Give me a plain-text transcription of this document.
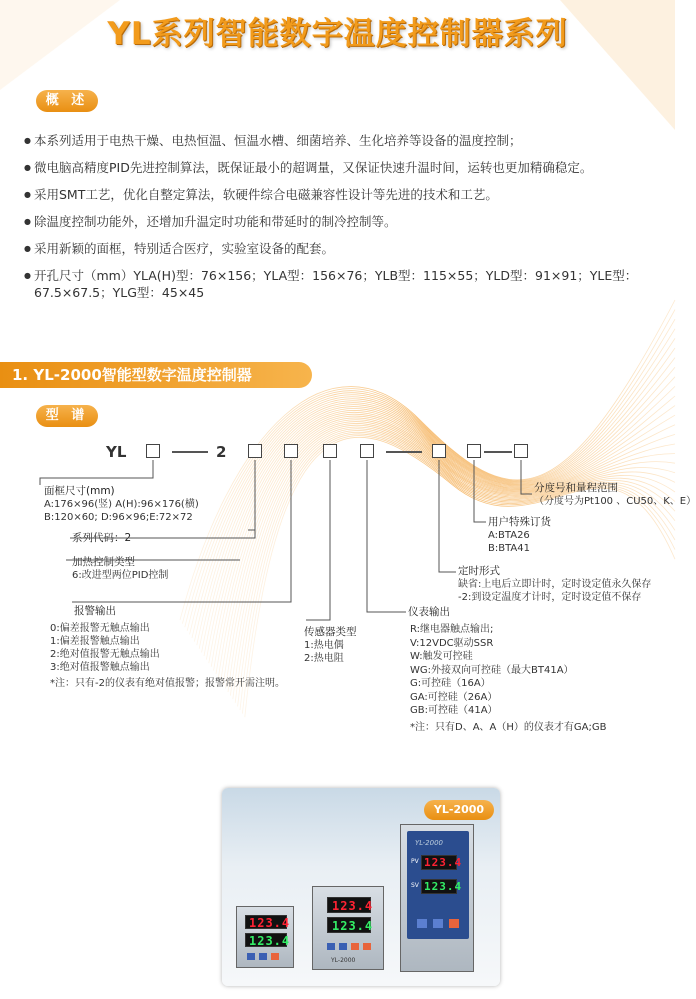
YL系列智能数字温度控制器系列
概 述
● 本系列适用于电热干燥、电热恒温、恒温水槽、细菌培养、生化培养等设备的温度控制；
● 微电脑高精度PID先进控制算法，既保证最小的超调量，又保证快速升温时间，运转也更加精确稳定。
● 采用SMT工艺，优化自整定算法，软硬件综合电磁兼容性设计等先进的技术和工艺。
● 除温度控制功能外，还增加升温定时功能和带延时的制冷控制等。
● 采用新颖的面框，特别适合医疗，实验室设备的配套。
● 开孔尺寸（mm）YLA(H)型：76×156；YLA型：156×76；YLB型：115×55；YLD型：91×91；YLE型：67.5×67.5；YLG型：45×45
1. YL-2000智能型数字温度控制器
型 谱
YL	2
面框尺寸(mm)
A:176×96(竖) A(H):96×176(横)
B:120×60; D:96×96;E:72×72
系列代码：2
加热控制类型
6:改进型两位PID控制
报警输出
0:偏差报警无触点输出
1:偏差报警触点输出
2:绝对值报警无触点输出
3:绝对值报警触点输出
*注：只有-2的仪表有绝对值报警；报警常开需注明。
传感器类型
1:热电偶
2:热电阻
仪表输出
R:继电器触点输出;
V:12VDC驱动SSR
W:触发可控硅
WG:外接双向可控硅（最大BT41A）
G:可控硅（16A）
GA:可控硅（26A）
GB:可控硅（41A）
*注：只有D、A、A（H）的仪表才有GA;GB
定时形式
缺省:上电后立即计时，定时设定值永久保存
-2:到设定温度才计时，定时设定值不保存
用户特殊订货
A:BTA26
B:BTA41
分度号和量程范围
（分度号为Pt100 、CU50、K、E）
123.4
123.4
123.4
123.4
YL-2000
YL-2000
123.4
PV
123.4
SV
YL-2000
